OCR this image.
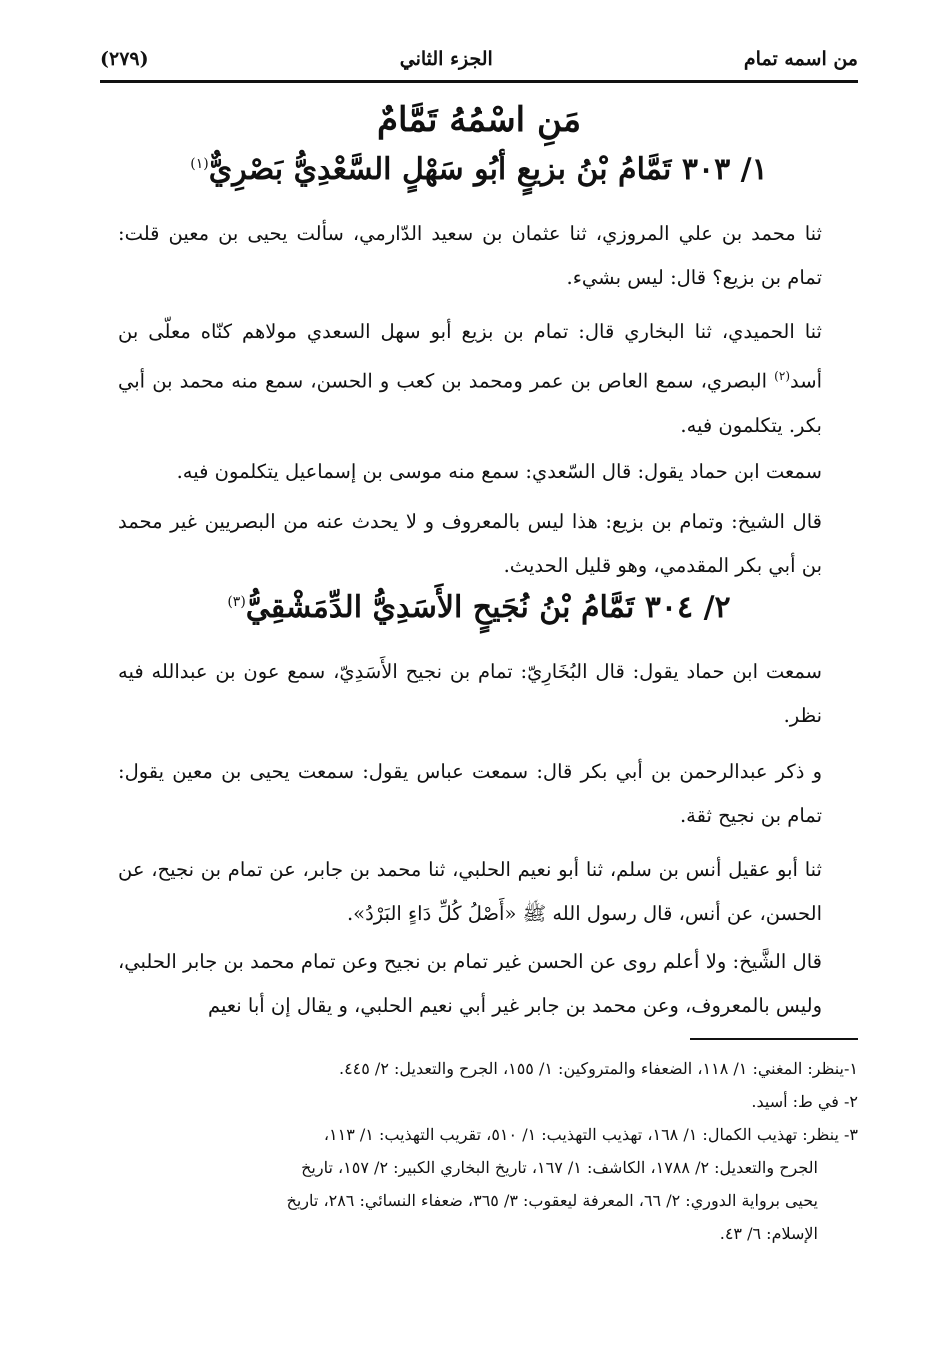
من اسمه تمام
الجزء الثاني
(٢٧٩)
مَنِ اسْمُهُ تَمَّامٌ
١/ ٣٠٣ تَمَّامُ بْنُ بزيعٍ أبُو سَهْلٍ السَّعْدِيُّ بَصْرِيٌّ$^{(١)}$
ثنا محمد بن علي المروزي، ثنا عثمان بن سعيد الدّارمي، سألت يحيى بن معين قلت: تمام بن بزيع؟ قال: ليس بشيء.
ثنا الحميدي، ثنا البخاري قال: تمام بن بزيع أبو سهل السعدي مولاهم كنّاه معلّى بن أسد$^{(٢)}$ البصري، سمع العاص بن عمر ومحمد بن كعب و الحسن، سمع منه محمد بن أبي بكر. يتكلمون فيه.
سمعت ابن حماد يقول: قال السّعدي: سمع منه موسى بن إسماعيل يتكلمون فيه.
قال الشيخ: وتمام بن بزيع: هذا ليس بالمعروف و لا يحدث عنه من البصريين غير محمد بن أبي بكر المقدمي، وهو قليل الحديث.
٢/ ٣٠٤ تَمَّامُ بْنُ نُجَيحٍ الأَسَدِيُّ الدِّمَشْقِيُّ$^{(٣)}$
سمعت ابن حماد يقول: قال البُخَارِيّ: تمام بن نجيح الأَسَدِيّ، سمع عون بن عبدالله فيه نظر.
و ذكر عبدالرحمن بن أبي بكر قال: سمعت عباس يقول: سمعت يحيى بن معين يقول: تمام بن نجيح ثقة.
ثنا أبو عقيل أنس بن سلم، ثنا أبو نعيم الحلبي، ثنا محمد بن جابر، عن تمام بن نجيح، عن الحسن، عن أنس، قال رسول الله ﷺ «أَصْلُ كُلِّ دَاءٍ البَرْدُ».
قال الشَّيخ: ولا أعلم روى عن الحسن غير تمام بن نجيح وعن تمام محمد بن جابر الحلبي، وليس بالمعروف، وعن محمد بن جابر غير أبي نعيم الحلبي، و يقال إن أبا نعيم

١-ينظر: المغني: ١/ ١١٨، الضعفاء والمتروكين: ١/ ١٥٥، الجرح والتعديل: ٢/ ٤٤٥.

٢- في ط: أسيد.

٣- ينظر: تهذيب الكمال: ١/ ١٦٨، تهذيب التهذيب: ١/ ٥١٠، تقريب التهذيب: ١/ ١١٣،

الجرح والتعديل: ٢/ ١٧٨٨، الكاشف: ١/ ١٦٧، تاريخ البخاري الكبير: ٢/ ١٥٧، تاريخ

يحيى برواية الدوري: ٢/ ٦٦، المعرفة ليعقوب: ٣/ ٣٦٥، ضعفاء النسائي: ٢٨٦، تاريخ

الإسلام: ٦/ ٤٣.
